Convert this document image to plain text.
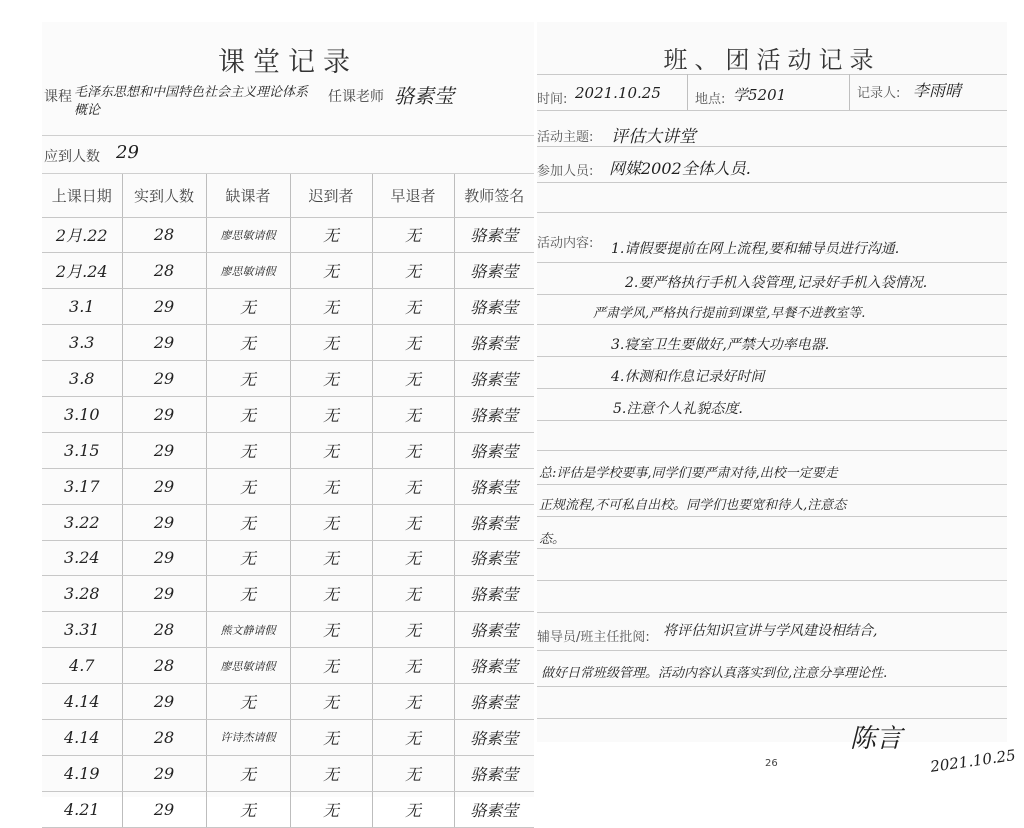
课堂记录
课程 毛泽东思想和中国特色社会主义理论体系概论
任课老师 骆素莹
应到人数 29
上课日期	实到人数	缺课者	迟到者	早退者	教师签名
2月.22	28	廖思敏请假	无	无	骆素莹
2月.24	28	廖思敏请假	无	无	骆素莹
3.1	29	无	无	无	骆素莹
3.3	29	无	无	无	骆素莹
3.8	29	无	无	无	骆素莹
3.10	29	无	无	无	骆素莹
3.15	29	无	无	无	骆素莹
3.17	29	无	无	无	骆素莹
3.22	29	无	无	无	骆素莹
3.24	29	无	无	无	骆素莹
3.28	29	无	无	无	骆素莹
3.31	28	熊文静请假	无	无	骆素莹
4.7	28	廖思敏请假	无	无	骆素莹
4.14	29	无	无	无	骆素莹
4.14	28	许诗杰请假	无	无	骆素莹
4.19	29	无	无	无	骆素莹
4.21	29	无	无	无	骆素莹
班、团活动记录
时间: 2021.10.25	地点: 学5201	记录人: 李雨晴
活动主题: 评估大讲堂
参加人员: 网媒2002全体人员.
活动内容: 1.请假要提前在网上流程,要和辅导员进行沟通.
2.要严格执行手机入袋管理,记录好手机入袋情况.
严肃学风,严格执行提前到课堂,早餐不进教室等.
3.寝室卫生要做好,严禁大功率电器.
4.休测和作息记录好时间
5.注意个人礼貌态度.
总:评估是学校要事,同学们要严肃对待,出校一定要走
正规流程,不可私自出校。同学们也要宽和待人,注意态
态。
辅导员/班主任批阅: 将评估知识宣讲与学风建设相结合,
做好日常班级管理。活动内容认真落实到位,注意分享理论性.
26
陈言
2021.10.25
